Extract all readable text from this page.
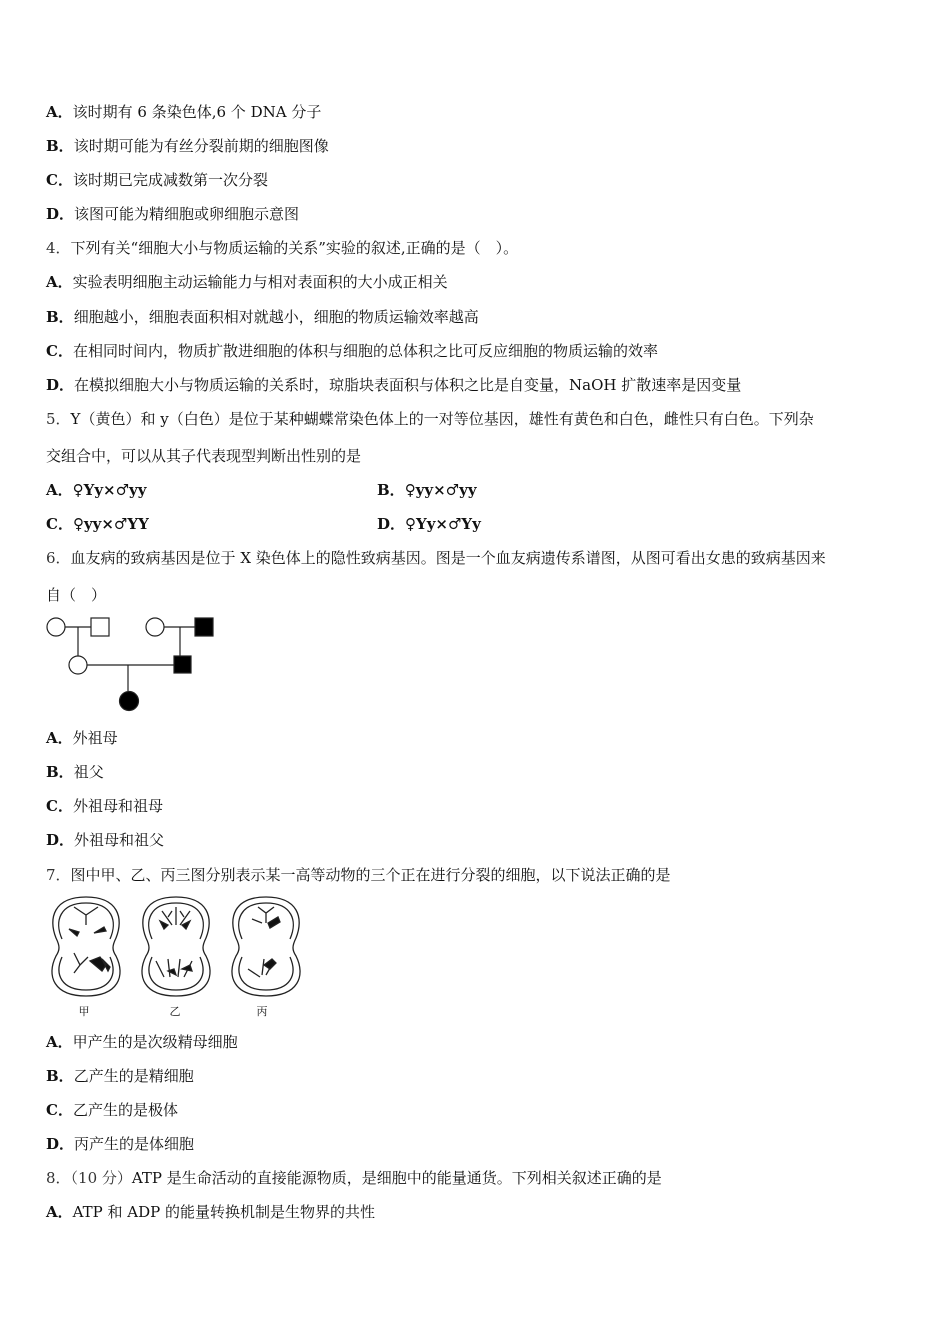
A．该时期有 6 条染色体,6 个 DNA 分子
B．该时期可能为有丝分裂前期的细胞图像
C．该时期已完成减数第一次分裂
D．该图可能为精细胞或卵细胞示意图
4．下列有关“细胞大小与物质运输的关系”实验的叙述,正确的是（　）。
A．实验表明细胞主动运输能力与相对表面积的大小成正相关
B．细胞越小，细胞表面积相对就越小，细胞的物质运输效率越高
C．在相同时间内，物质扩散进细胞的体积与细胞的总体积之比可反应细胞的物质运输的效率
D．在模拟细胞大小与物质运输的关系时，琼脂块表面积与体积之比是自变量，NaOH 扩散速率是因变量
5．Y（黄色）和 y（白色）是位于某种蝴蝶常染色体上的一对等位基因，雄性有黄色和白色，雌性只有白色。下列杂
交组合中，可以从其子代表现型判断出性别的是
A．♀Yy×♂yy	B．♀yy×♂yy
C．♀yy×♂YY	D．♀Yy×♂Yy
6．血友病的致病基因是位于 X 染色体上的隐性致病基因。图是一个血友病遗传系谱图，从图可看出女患的致病基因来
自（　）
A．外祖母
B．祖父
C．外祖母和祖母
D．外祖母和祖父
7．图中甲、乙、丙三图分别表示某一高等动物的三个正在进行分裂的细胞，以下说法正确的是
甲	乙	丙
A．甲产生的是次级精母细胞
B．乙产生的是精细胞
C．乙产生的是极体
D．丙产生的是体细胞
8．（10 分）ATP 是生命活动的直接能源物质，是细胞中的能量通货。下列相关叙述正确的是
A．ATP 和 ADP 的能量转换机制是生物界的共性
